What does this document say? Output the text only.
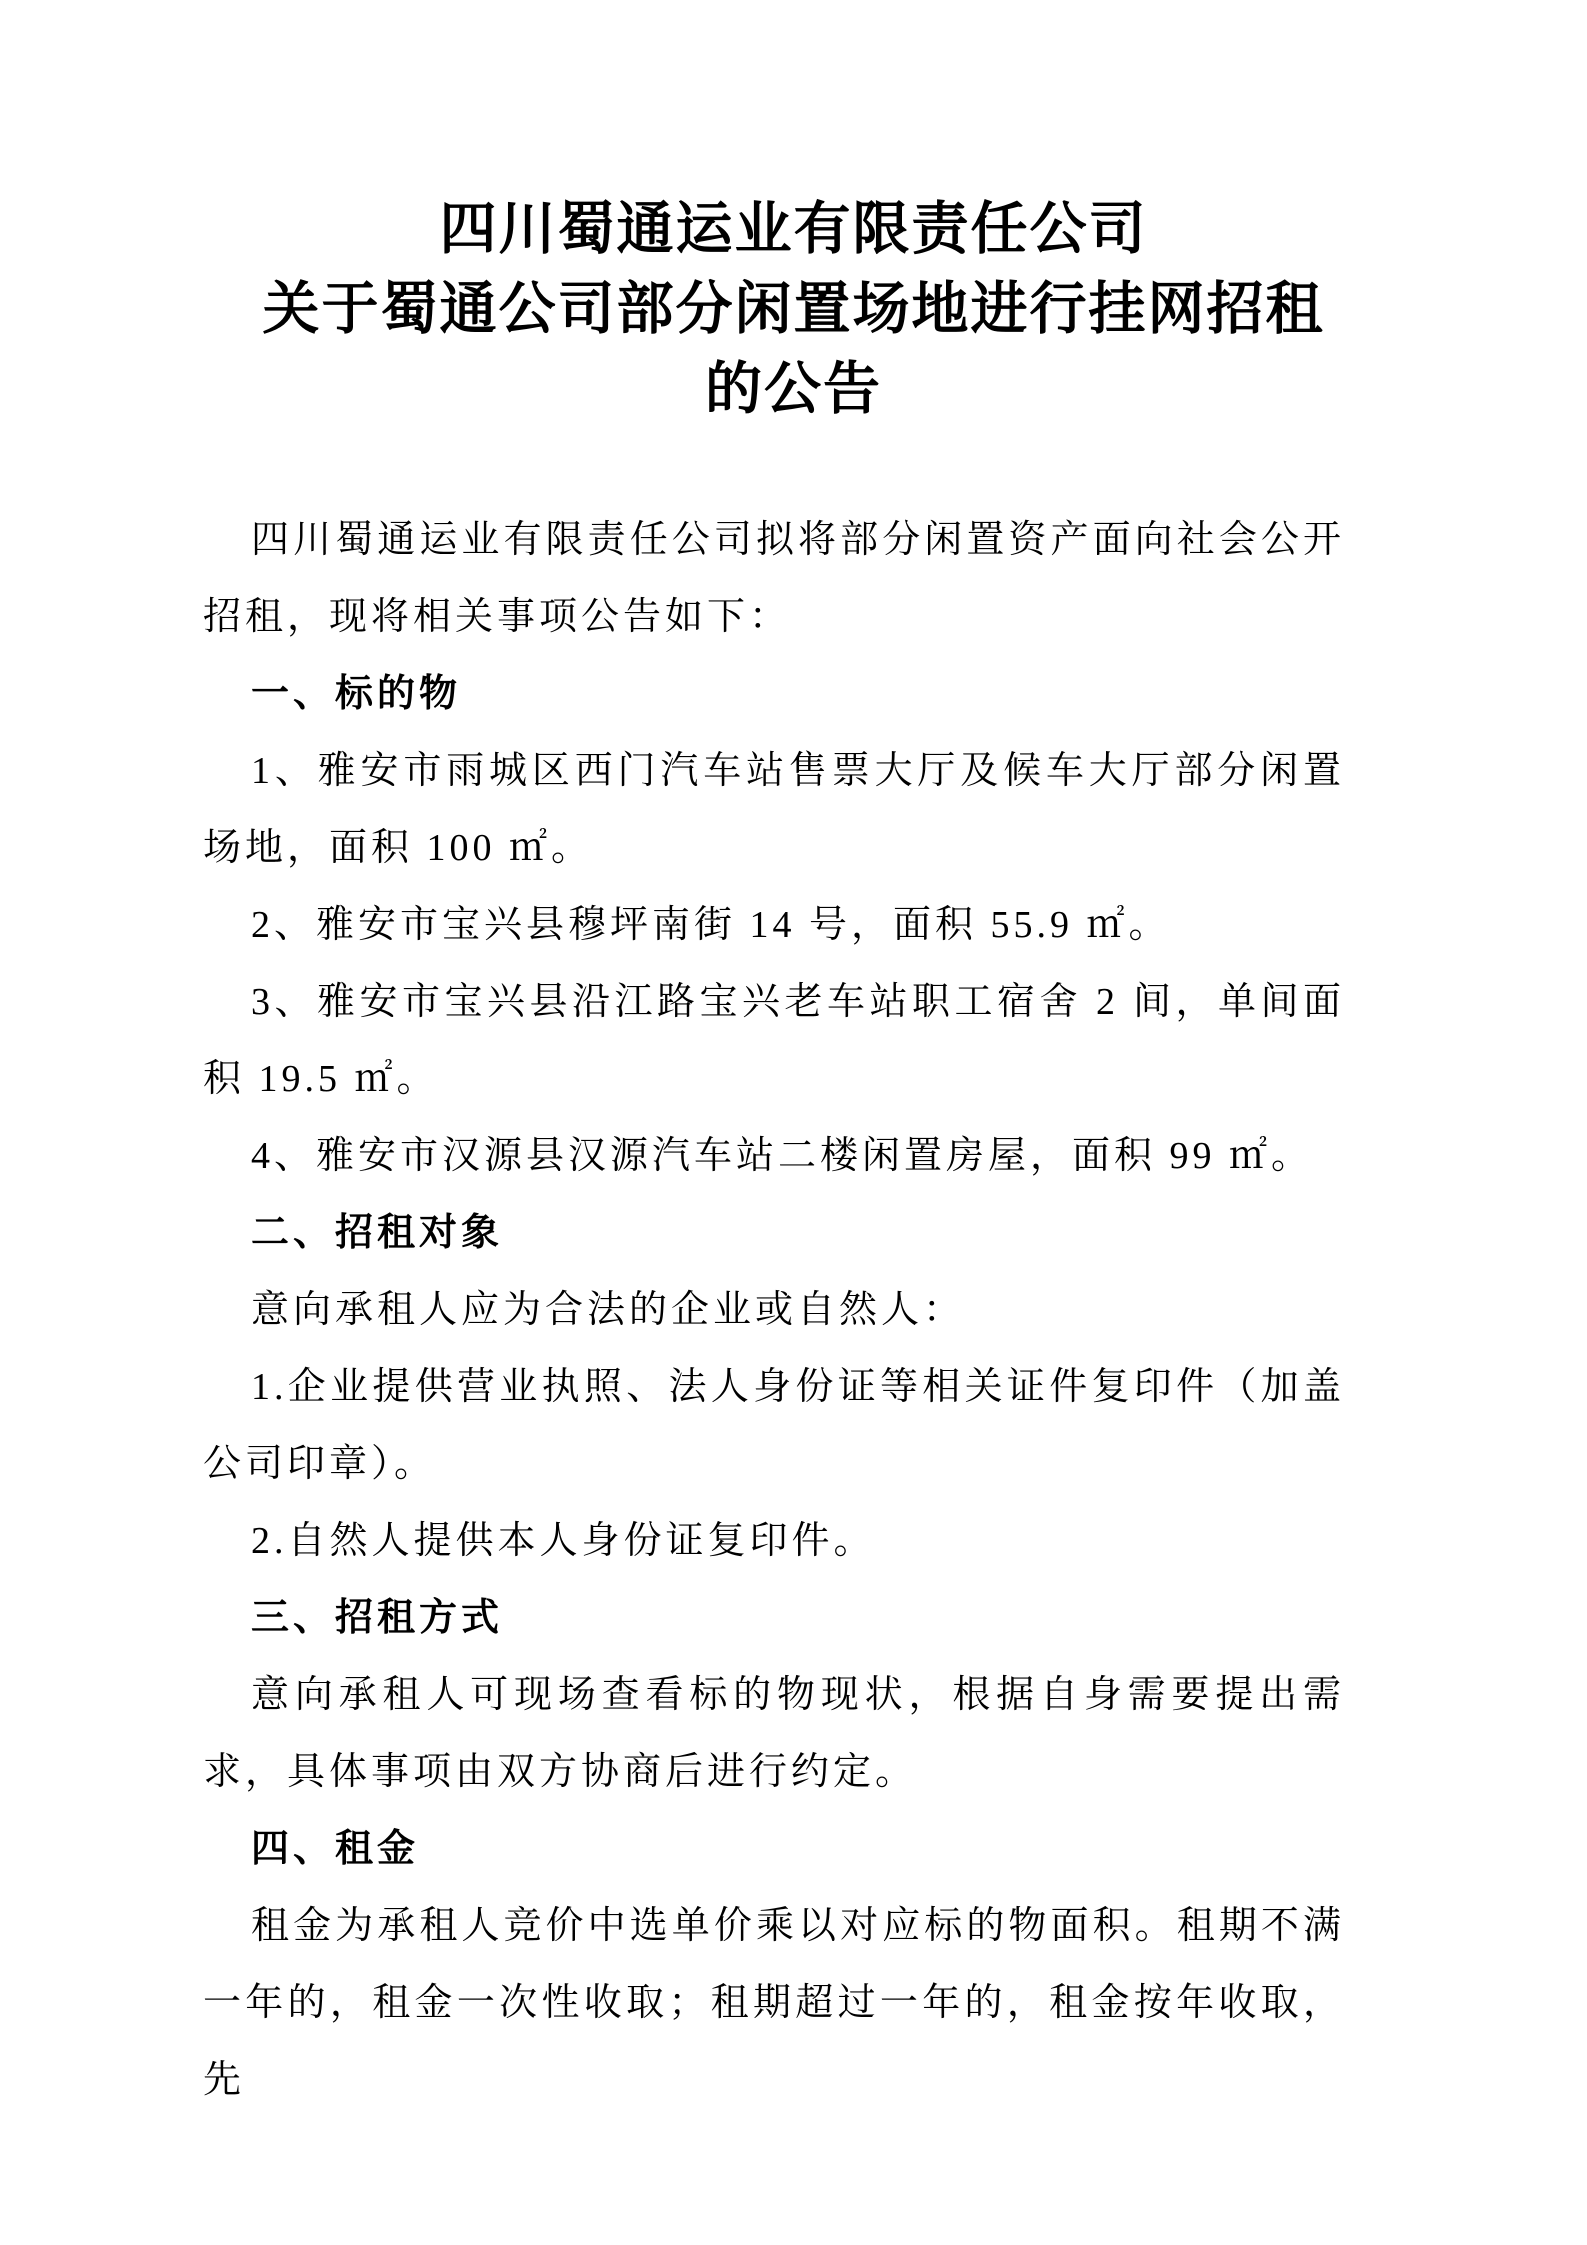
四川蜀通运业有限责任公司
关于蜀通公司部分闲置场地进行挂网招租
的公告

四川蜀通运业有限责任公司拟将部分闲置资产面向社会公开招租，现将相关事项公告如下：

一、标的物

1、雅安市雨城区西门汽车站售票大厅及候车大厅部分闲置场地，面积 100 ㎡。

2、雅安市宝兴县穆坪南街 14 号，面积 55.9 ㎡。

3、雅安市宝兴县沿江路宝兴老车站职工宿舍 2 间，单间面积 19.5 ㎡。

4、雅安市汉源县汉源汽车站二楼闲置房屋，面积 99 ㎡。

二、招租对象

意向承租人应为合法的企业或自然人：

1.企业提供营业执照、法人身份证等相关证件复印件（加盖公司印章）。

2.自然人提供本人身份证复印件。

三、招租方式

意向承租人可现场查看标的物现状，根据自身需要提出需求，具体事项由双方协商后进行约定。

四、租金

租金为承租人竞价中选单价乘以对应标的物面积。租期不满一年的，租金一次性收取；租期超过一年的，租金按年收取，先
